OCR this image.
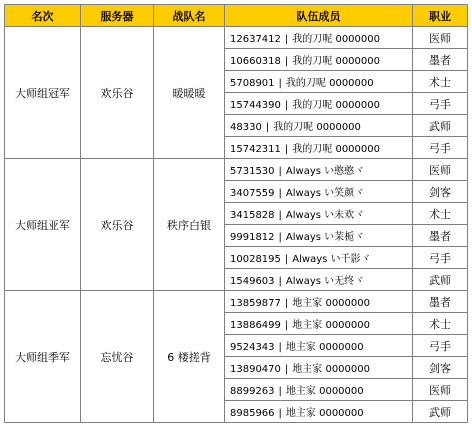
名次	服务器	战队名	队伍成员	职业
大师组冠军	欢乐谷	暖暖暖	12637412 | 我的刀呢 0000000	医师
			10660318 | 我的刀呢 0000000	墨者
			5708901 | 我的刀呢 0000000	术士
			15744390 | 我的刀呢 0000000	弓手
			48330 | 我的刀呢 0000000	武师
			15742311 | 我的刀呢 0000000	弓手
大师组亚军	欢乐谷	秩序白银	5731530 | Always い憨憨ヾ	医师
			3407559 | Always い笑颜ヾ	剑客
			3415828 | Always い未欢ヾ	术士
			9991812 | Always い苿栀ヾ	墨者
			10028195 | Always い千影ヾ	弓手
			1549603 | Always い无终ヾ	武师
大师组季军	忘忧谷	6 楼搓背	13859877 | 地主家 0000000	墨者
			13886499 | 地主家 0000000	术士
			9524343 | 地主家 0000000	弓手
			13890470 | 地主家 0000000	剑客
			8899263 | 地主家 0000000	医师
			8985966 | 地主家 0000000	武师
